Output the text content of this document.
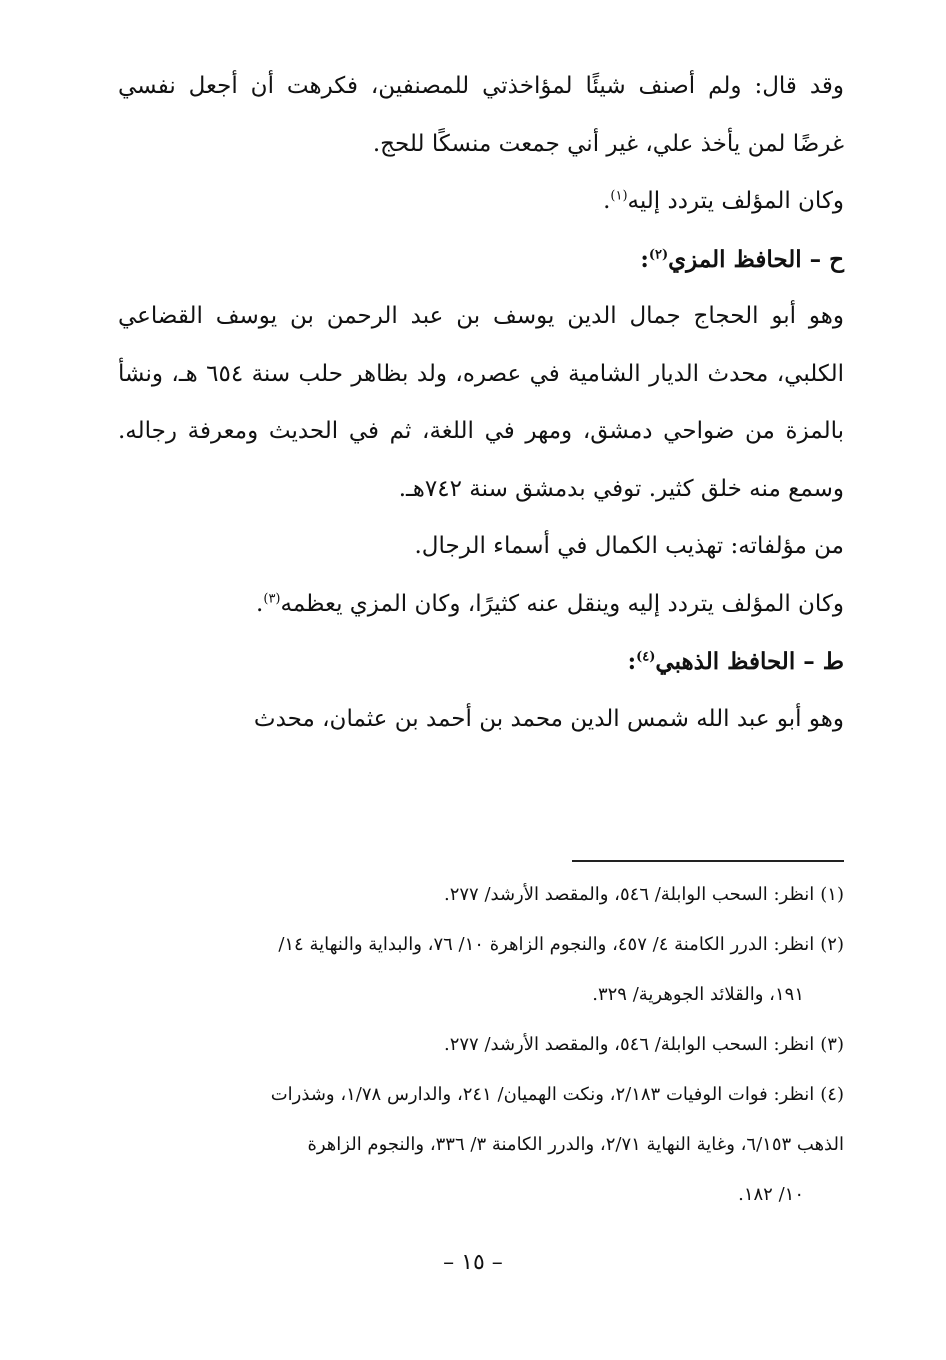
وقد قال: ولم أصنف شيئًا لمؤاخذتي للمصنفين، فكرهت أن أجعل نفسي غرضًا لمن يأخذ علي، غير أني جمعت منسكًا للحج.

وكان المؤلف يتردد إليه$^{(١)}$.

ح – الحافظ المزي$^{(٢)}$:

وهو أبو الحجاج جمال الدين يوسف بن عبد الرحمن بن يوسف القضاعي الكلبي، محدث الديار الشامية في عصره، ولد بظاهر حلب سنة ٦٥٤ هـ، ونشأ بالمزة من ضواحي دمشق، ومهر في اللغة، ثم في الحديث ومعرفة رجاله. وسمع منه خلق كثير. توفي بدمشق سنة ٧٤٢هـ.

من مؤلفاته: تهذيب الكمال في أسماء الرجال.

وكان المؤلف يتردد إليه وينقل عنه كثيرًا، وكان المزي يعظمه$^{(٣)}$.

ط – الحافظ الذهبي$^{(٤)}$:

وهو أبو عبد الله شمس الدين محمد بن أحمد بن عثمان، محدث

(١)انظر: السحب الوابلة/ ٥٤٦، والمقصد الأرشد/ ٢٧٧.

(٢)انظر: الدرر الكامنة ٤/ ٤٥٧، والنجوم الزاهرة ١٠/ ٧٦، والبداية والنهاية ١٤/

١٩١، والقلائد الجوهرية/ ٣٢٩.

(٣)انظر: السحب الوابلة/ ٥٤٦، والمقصد الأرشد/ ٢٧٧.

(٤)انظر: فوات الوفيات ٢/١٨٣، ونكت الهميان/ ٢٤١، والدارس ١/٧٨، وشذرات

الذهب ٦/١٥٣، وغاية النهاية ٢/٧١، والدرر الكامنة ٣/ ٣٣٦، والنجوم الزاهرة

١٠/ ١٨٢.

– ١٥ –
